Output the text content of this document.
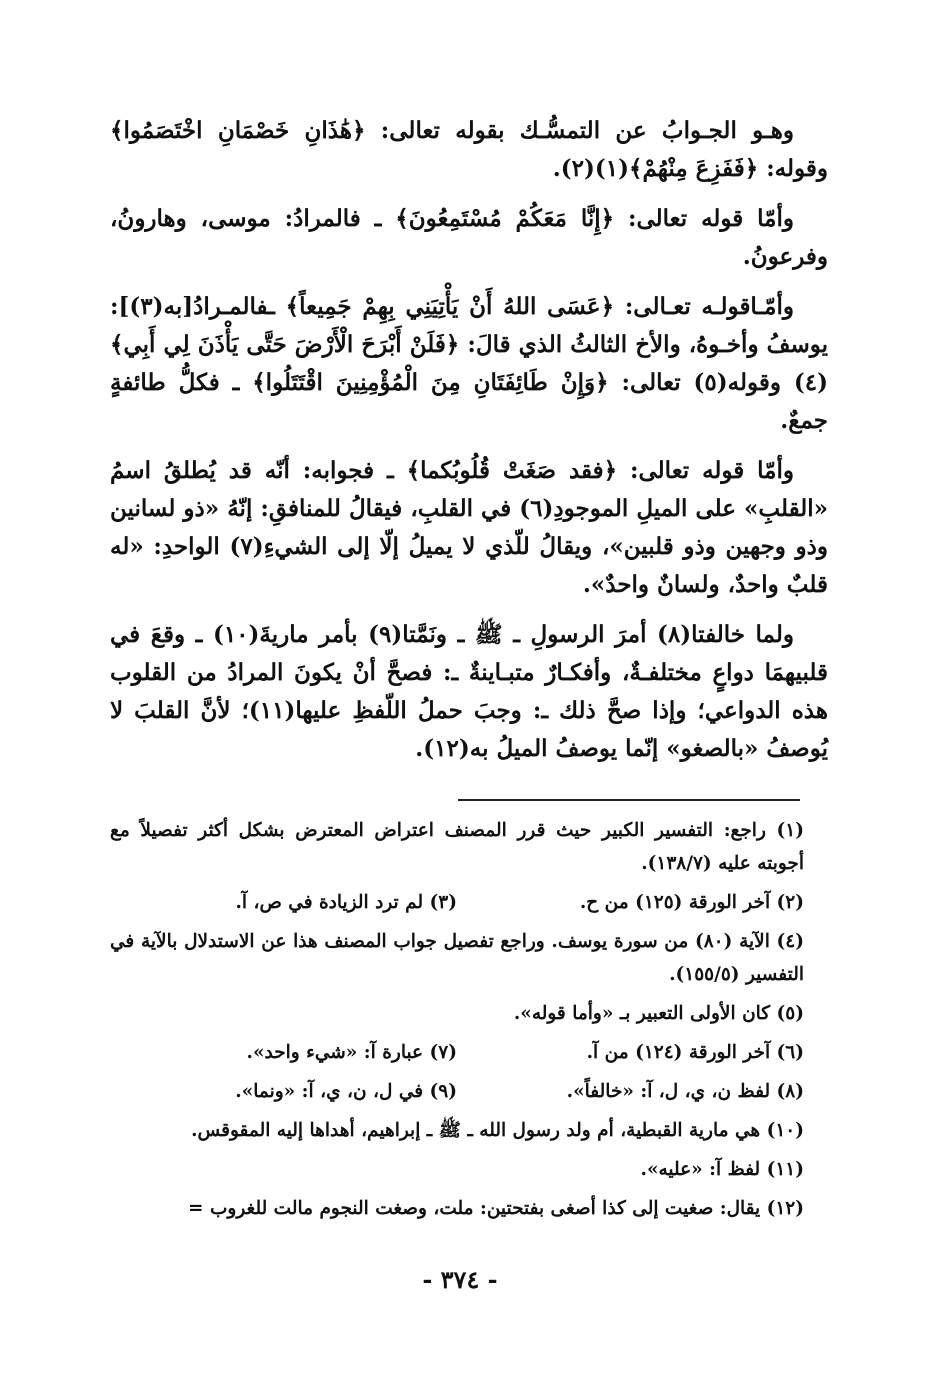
وهـو الجـوابُ عن التمسُّـك بقوله تعالى: ﴿هَٰذَانِ خَصْمَانِ اخْتَصَمُوا﴾ وقوله: ﴿فَفَزِعَ مِنْهُمْ﴾(١)(٢).

وأمّا قوله تعالى: ﴿إِنَّا مَعَكُمْ مُسْتَمِعُونَ﴾ ـ فالمرادُ: موسى، وهارونُ، وفرعونُ.

وأمّـاقولـه تعـالى: ﴿عَسَى اللهُ أَنْ يَأْتِيَنِي بِهِمْ جَمِيعاً﴾ ـفالمـرادُ[به(٣)]: يوسفُ وأخـوهُ، والأخ الثالثُ الذي قالَ: ﴿فَلَنْ أَبْرَحَ الْأَرْضَ حَتَّى يَأْذَنَ لِي أَبِي﴾(٤) وقوله(٥) تعالى: ﴿وَإِنْ طَائِفَتَانِ مِنَ الْمُؤْمِنِينَ اقْتَتَلُوا﴾ ـ فكلُّ طائفةٍ جمعٌ.

وأمّا قوله تعالى: ﴿فقد صَغَتْ قُلُوبُكما﴾ ـ فجوابه: أنّه قد يُطلقُ اسمُ «القلبِ» على الميلِ الموجودِ(٦) في القلبِ، فيقالُ للمنافقِ: إنّهُ «ذو لسانين وذو وجهين وذو قلبين»، ويقالُ للّذي لا يميلُ إلّا إلى الشيءِ(٧) الواحدِ: «له قلبٌ واحدٌ، ولسانٌ واحدٌ».

ولما خالفتا(٨) أمرَ الرسولِ ـ ﷺ ـ ونَمَّتا(٩) بأمر ماريةَ(١٠) ـ وقعَ في قلبيهمَا دواعٍ مختلفـةٌ، وأفكـارٌ متبـاينةٌ ـ: فصحَّ أنْ يكونَ المرادُ من القلوب هذه الدواعي؛ وإذا صحَّ ذلك ـ: وجبَ حملُ اللّفظِ عليها(١١)؛ لأنَّ القلبَ لا يُوصفُ «بالصغو» إنّما يوصفُ الميلُ به(١٢).

(١) راجع: التفسير الكبير حيث قرر المصنف اعتراض المعترض بشكل أكثر تفصيلاً مع أجوبته عليه (١٣٨/٧).
(٢) آخر الورقة (١٢٥) من ح.
(٣) لم ترد الزيادة في ص، آ.
(٤) الآية (٨٠) من سورة يوسف. وراجع تفصيل جواب المصنف هذا عن الاستدلال بالآية في التفسير (١٥٥/٥).
(٥) كان الأولى التعبير بـ «وأما قوله».
(٦) آخر الورقة (١٢٤) من آ.
(٧) عبارة آ: «شيء واحد».
(٨) لفظ ن، ي، ل، آ: «خالفاً».
(٩) في ل، ن، ي، آ: «ونما».
(١٠) هي مارية القبطية، أم ولد رسول الله ـ ﷺ ـ إبراهيم، أهداها إليه المقوقس.
(١١) لفظ آ: «عليه».
(١٢) يقال: صغيت إلى كذا أصغى بفتحتين: ملت، وصغت النجوم مالت للغروب =
- ٣٧٤ -
